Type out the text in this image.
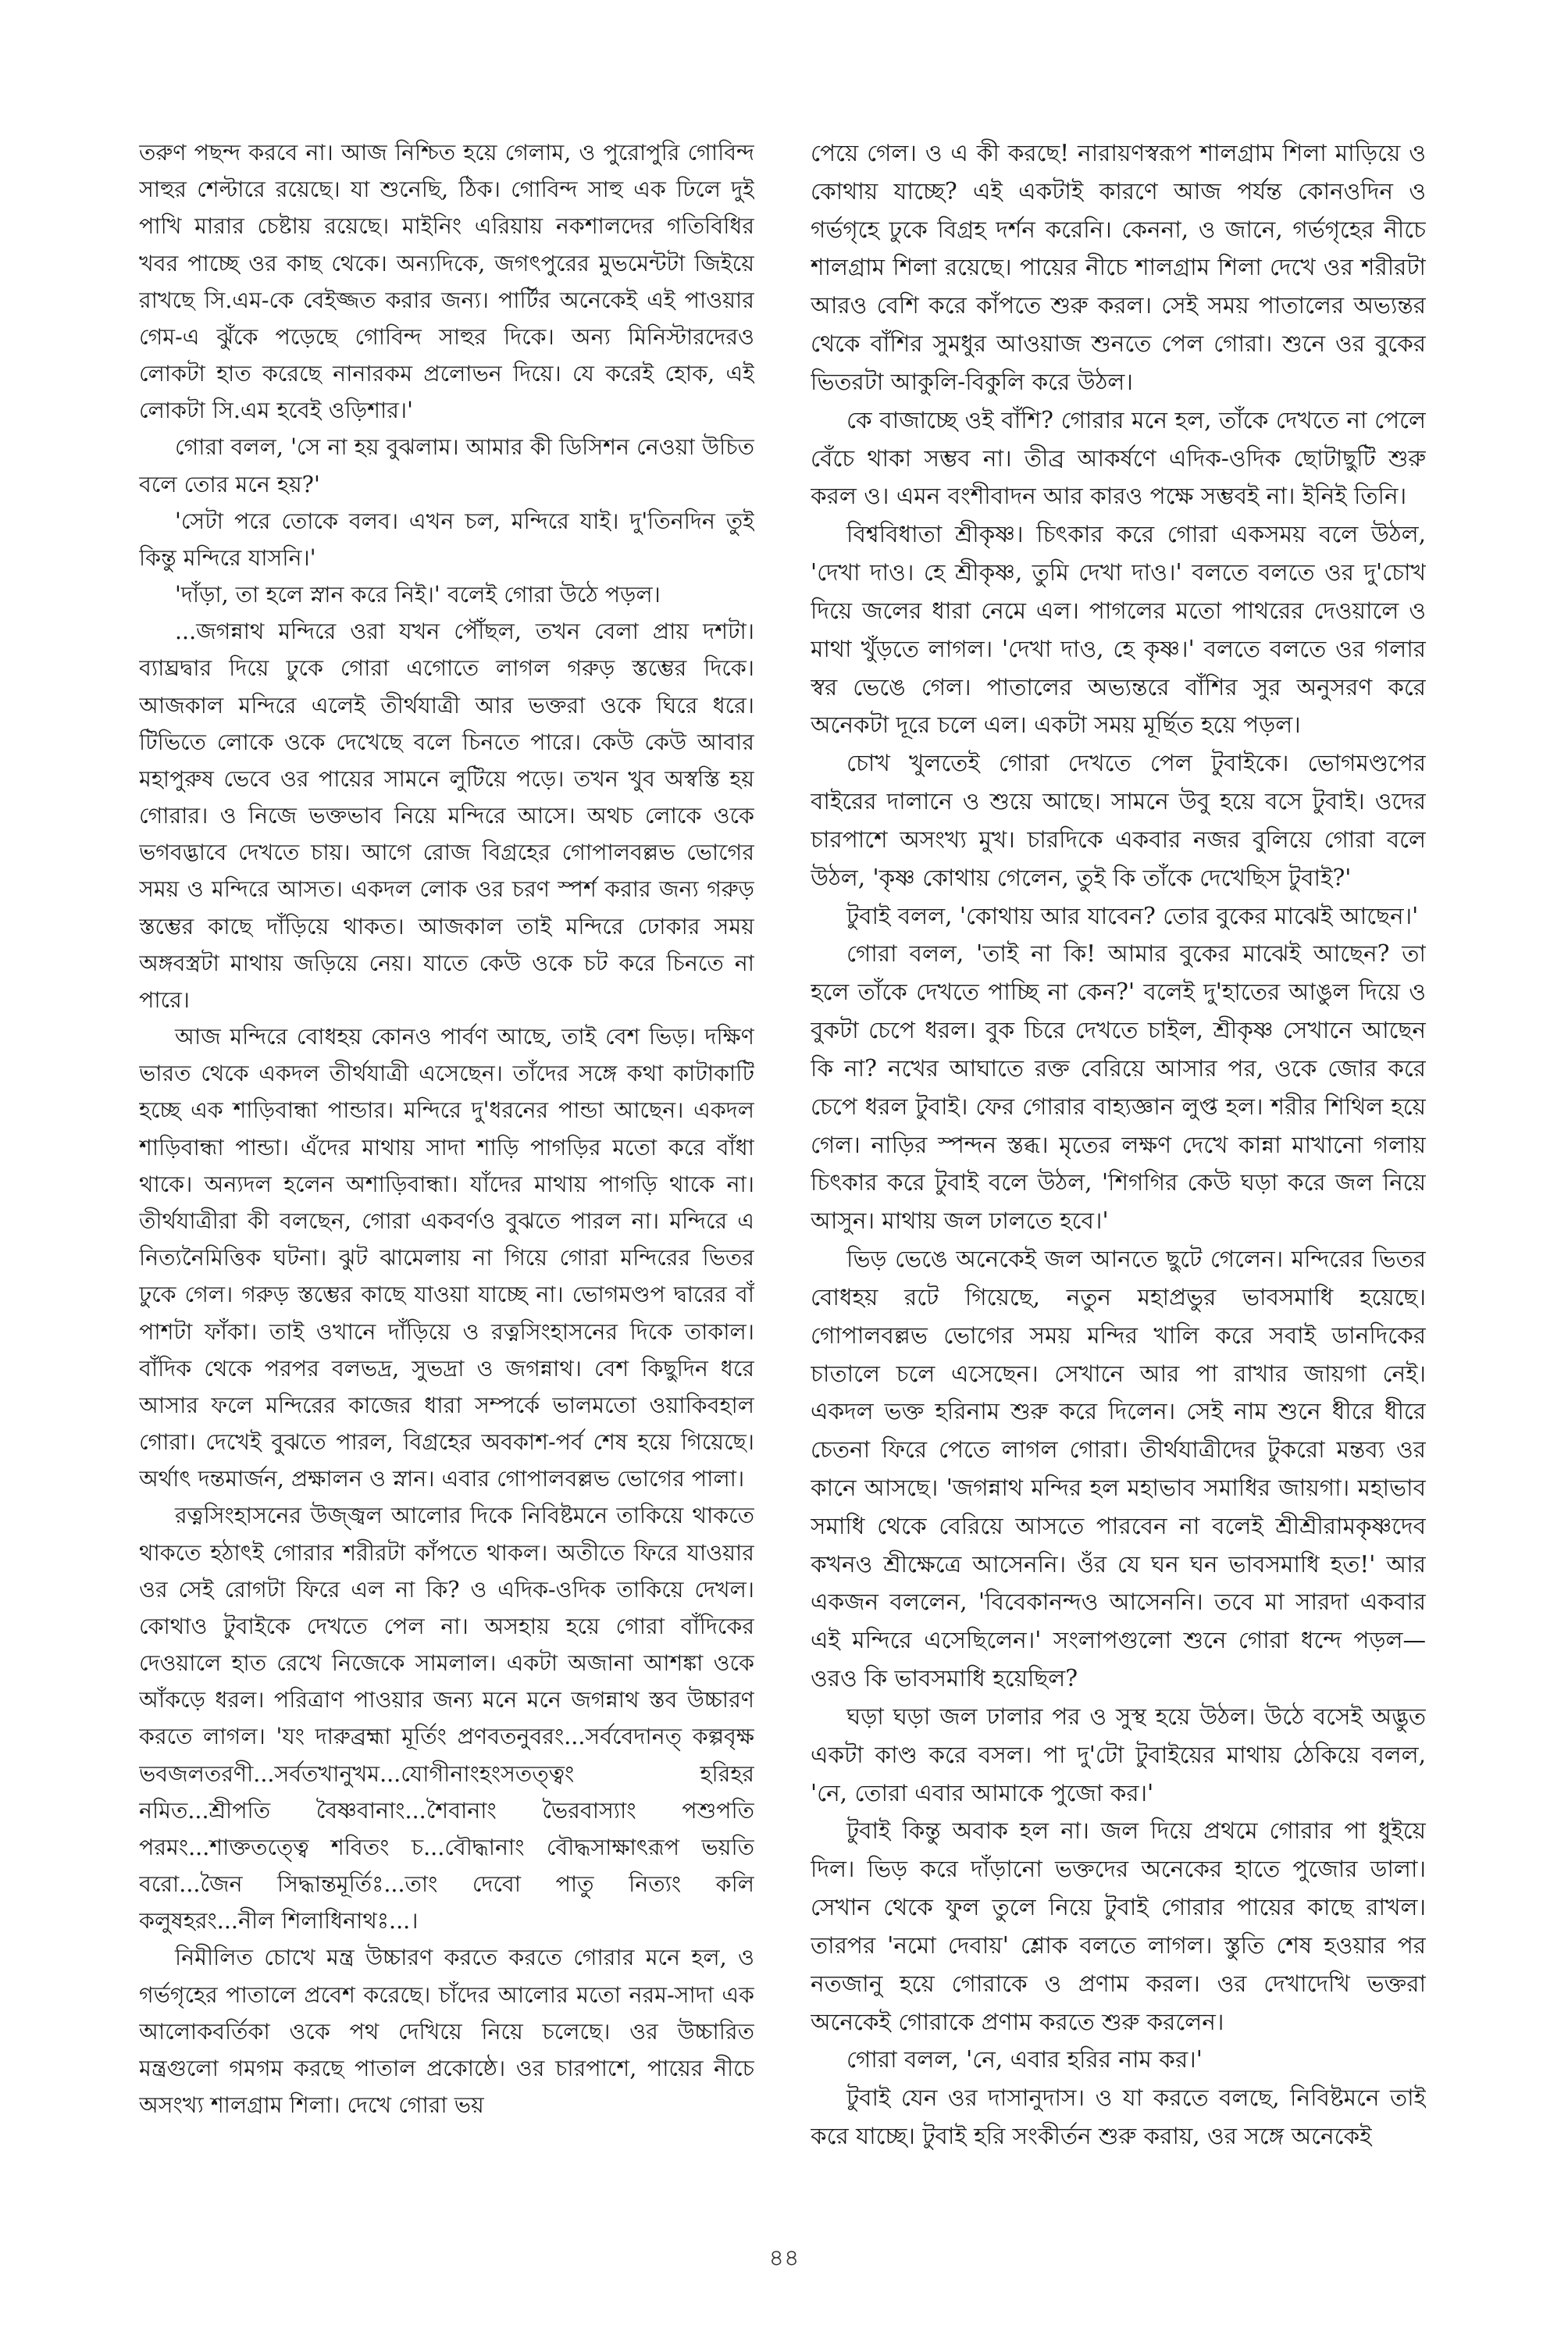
তরুণ পছন্দ করবে না। আজ নিশ্চিত হয়ে গেলাম, ও পুরোপুরি গোবিন্দ সাহুর শেল্টারে রয়েছে। যা শুনেছি, ঠিক। গোবিন্দ সাহু এক ঢিলে দুই পাখি মারার চেষ্টায় রয়েছে। মাইনিং এরিয়ায় নকশালদের গতিবিধির খবর পাচ্ছে ওর কাছ থেকে। অন্যদিকে, জগৎপুরের মুভমেন্টটা জিইয়ে রাখছে সি.এম-কে বেইজ্জত করার জন্য। পার্টির অনেকেই এই পাওয়ার গেম-এ ঝুঁকে পড়েছে গোবিন্দ সাহুর দিকে। অন্য মিনিস্টারদেরও লোকটা হাত করেছে নানারকম প্রলোভন দিয়ে। যে করেই হোক, এই লোকটা সি.এম হবেই ওড়িশার।'

গোরা বলল, 'সে না হয় বুঝলাম। আমার কী ডিসিশন নেওয়া উচিত বলে তোর মনে হয়?'

'সেটা পরে তোকে বলব। এখন চল, মন্দিরে যাই। দু'তিনদিন তুই কিন্তু মন্দিরে যাসনি।'

'দাঁড়া, তা হলে স্নান করে নিই।' বলেই গোরা উঠে পড়ল।

...জগন্নাথ মন্দিরে ওরা যখন পৌঁছল, তখন বেলা প্রায় দশটা। ব্যাঘ্রদ্বার দিয়ে ঢুকে গোরা এগোতে লাগল গরুড় স্তম্ভের দিকে। আজকাল মন্দিরে এলেই তীর্থযাত্রী আর ভক্তরা ওকে ঘিরে ধরে। টিভিতে লোকে ওকে দেখেছে বলে চিনতে পারে। কেউ কেউ আবার মহাপুরুষ ভেবে ওর পায়ের সামনে লুটিয়ে পড়ে। তখন খুব অস্বস্তি হয় গোরার। ও নিজে ভক্তভাব নিয়ে মন্দিরে আসে। অথচ লোকে ওকে ভগবদ্ভাবে দেখতে চায়। আগে রোজ বিগ্রহের গোপালবল্লভ ভোগের সময় ও মন্দিরে আসত। একদল লোক ওর চরণ স্পর্শ করার জন্য গরুড় স্তম্ভের কাছে দাঁড়িয়ে থাকত। আজকাল তাই মন্দিরে ঢোকার সময় অঙ্গবস্ত্রটা মাথায় জড়িয়ে নেয়। যাতে কেউ ওকে চট করে চিনতে না পারে।

আজ মন্দিরে বোধহয় কোনও পার্বণ আছে, তাই বেশ ভিড়। দক্ষিণ ভারত থেকে একদল তীর্থযাত্রী এসেছেন। তাঁদের সঙ্গে কথা কাটাকাটি হচ্ছে এক শাড়িবান্ধা পান্ডার। মন্দিরে দু'ধরনের পান্ডা আছেন। একদল শাড়িবান্ধা পান্ডা। এঁদের মাথায় সাদা শাড়ি পাগড়ির মতো করে বাঁধা থাকে। অন্যদল হলেন অশাড়িবান্ধা। যাঁদের মাথায় পাগড়ি থাকে না। তীর্থযাত্রীরা কী বলছেন, গোরা একবর্ণও বুঝতে পারল না। মন্দিরে এ নিত্যনৈমিত্তিক ঘটনা। ঝুট ঝামেলায় না গিয়ে গোরা মন্দিরের ভিতর ঢুকে গেল। গরুড় স্তম্ভের কাছে যাওয়া যাচ্ছে না। ভোগমণ্ডপ দ্বারের বাঁ পাশটা ফাঁকা। তাই ওখানে দাঁড়িয়ে ও রত্নসিংহাসনের দিকে তাকাল। বাঁদিক থেকে পরপর বলভদ্র, সুভদ্রা ও জগন্নাথ। বেশ কিছুদিন ধরে আসার ফলে মন্দিরের কাজের ধারা সম্পর্কে ভালমতো ওয়াকিবহাল গোরা। দেখেই বুঝতে পারল, বিগ্রহের অবকাশ-পর্ব শেষ হয়ে গিয়েছে। অর্থাৎ দন্তমার্জন, প্রক্ষালন ও স্নান। এবার গোপালবল্লভ ভোগের পালা।

রত্নসিংহাসনের উজ্জ্বল আলোর দিকে নিবিষ্টমনে তাকিয়ে থাকতে থাকতে হঠাৎই গোরার শরীরটা কাঁপতে থাকল। অতীতে ফিরে যাওয়ার ওর সেই রোগটা ফিরে এল না কি? ও এদিক-ওদিক তাকিয়ে দেখল। কোথাও টুবাইকে দেখতে পেল না। অসহায় হয়ে গোরা বাঁদিকের দেওয়ালে হাত রেখে নিজেকে সামলাল। একটা অজানা আশঙ্কা ওকে আঁকড়ে ধরল। পরিত্রাণ পাওয়ার জন্য মনে মনে জগন্নাথ স্তব উচ্চারণ করতে লাগল। 'যং দারুব্রহ্মা মূর্তিং প্রণবতনুবরং...সর্ববেদানত্ কল্পবৃক্ষ ভবজলতরণী...সর্বতখানুখম...যোগীনাংহংসতত্ত্বং হরিহর নমিত...শ্রীপতি বৈষ্ণবানাং...শৈবানাং ভৈরবাস্যাং পশুপতি পরমং...শাক্ততত্ত্বে শবিতং চ...বৌদ্ধানাং বৌদ্ধসাক্ষাৎরূপ ভয়তি বরো...জৈন সিদ্ধান্তমূর্তিঃ...তাং দেবো পাতু নিত্যং কলি কলুষহরং...নীল শিলাধিনাথঃ...।

নিমীলিত চোখে মন্ত্র উচ্চারণ করতে করতে গোরার মনে হল, ও গর্ভগৃহের পাতালে প্রবেশ করেছে। চাঁদের আলোর মতো নরম-সাদা এক আলোকবর্তিকা ওকে পথ দেখিয়ে নিয়ে চলেছে। ওর উচ্চারিত মন্ত্রগুলো গমগম করছে পাতাল প্রকোষ্ঠে। ওর চারপাশে, পায়ের নীচে অসংখ্য শালগ্রাম শিলা। দেখে গোরা ভয়

পেয়ে গেল। ও এ কী করছে! নারায়ণস্বরূপ শালগ্রাম শিলা মাড়িয়ে ও কোথায় যাচ্ছে? এই একটাই কারণে আজ পর্যন্ত কোনওদিন ও গর্ভগৃহে ঢুকে বিগ্রহ দর্শন করেনি। কেননা, ও জানে, গর্ভগৃহের নীচে শালগ্রাম শিলা রয়েছে। পায়ের নীচে শালগ্রাম শিলা দেখে ওর শরীরটা আরও বেশি করে কাঁপতে শুরু করল। সেই সময় পাতালের অভ্যন্তর থেকে বাঁশির সুমধুর আওয়াজ শুনতে পেল গোরা। শুনে ওর বুকের ভিতরটা আকুলি-বিকুলি করে উঠল।

কে বাজাচ্ছে ওই বাঁশি? গোরার মনে হল, তাঁকে দেখতে না পেলে বেঁচে থাকা সম্ভব না। তীব্র আকর্ষণে এদিক-ওদিক ছোটাছুটি শুরু করল ও। এমন বংশীবাদন আর কারও পক্ষে সম্ভবই না। ইনিই তিনি।

বিশ্ববিধাতা শ্রীকৃষ্ণ। চিৎকার করে গোরা একসময় বলে উঠল, 'দেখা দাও। হে শ্রীকৃষ্ণ, তুমি দেখা দাও।' বলতে বলতে ওর দু'চোখ দিয়ে জলের ধারা নেমে এল। পাগলের মতো পাথরের দেওয়ালে ও মাথা খুঁড়তে লাগল। 'দেখা দাও, হে কৃষ্ণ।' বলতে বলতে ওর গলার স্বর ভেঙে গেল। পাতালের অভ্যন্তরে বাঁশির সুর অনুসরণ করে অনেকটা দূরে চলে এল। একটা সময় মূর্ছিত হয়ে পড়ল।

চোখ খুলতেই গোরা দেখতে পেল টুবাইকে। ভোগমণ্ডপের বাইরের দালানে ও শুয়ে আছে। সামনে উবু হয়ে বসে টুবাই। ওদের চারপাশে অসংখ্য মুখ। চারদিকে একবার নজর বুলিয়ে গোরা বলে উঠল, 'কৃষ্ণ কোথায় গেলেন, তুই কি তাঁকে দেখেছিস টুবাই?'

টুবাই বলল, 'কোথায় আর যাবেন? তোর বুকের মাঝেই আছেন।'

গোরা বলল, 'তাই না কি! আমার বুকের মাঝেই আছেন? তা হলে তাঁকে দেখতে পাচ্ছি না কেন?' বলেই দু'হাতের আঙুল দিয়ে ও বুকটা চেপে ধরল। বুক চিরে দেখতে চাইল, শ্রীকৃষ্ণ সেখানে আছেন কি না? নখের আঘাতে রক্ত বেরিয়ে আসার পর, ওকে জোর করে চেপে ধরল টুবাই। ফের গোরার বাহ্যজ্ঞান লুপ্ত হল। শরীর শিথিল হয়ে গেল। নাড়ির স্পন্দন স্তব্ধ। মৃতের লক্ষণ দেখে কান্না মাখানো গলায় চিৎকার করে টুবাই বলে উঠল, 'শিগগির কেউ ঘড়া করে জল নিয়ে আসুন। মাথায় জল ঢালতে হবে।'

ভিড় ভেঙে অনেকেই জল আনতে ছুটে গেলেন। মন্দিরের ভিতর বোধহয় রটে গিয়েছে, নতুন মহাপ্রভুর ভাবসমাধি হয়েছে। গোপালবল্লভ ভোগের সময় মন্দির খালি করে সবাই ডানদিকের চাতালে চলে এসেছেন। সেখানে আর পা রাখার জায়গা নেই। একদল ভক্ত হরিনাম শুরু করে দিলেন। সেই নাম শুনে ধীরে ধীরে চেতনা ফিরে পেতে লাগল গোরা। তীর্থযাত্রীদের টুকরো মন্তব্য ওর কানে আসছে। 'জগন্নাথ মন্দির হল মহাভাব সমাধির জায়গা। মহাভাব সমাধি থেকে বেরিয়ে আসতে পারবেন না বলেই শ্রীশ্রীরামকৃষ্ণদেব কখনও শ্রীক্ষেত্রে আসেননি। ওঁর যে ঘন ঘন ভাবসমাধি হত!' আর একজন বললেন, 'বিবেকানন্দও আসেননি। তবে মা সারদা একবার এই মন্দিরে এসেছিলেন।' সংলাপগুলো শুনে গোরা ধন্দে পড়ল—ওরও কি ভাবসমাধি হয়েছিল?

ঘড়া ঘড়া জল ঢালার পর ও সুস্থ হয়ে উঠল। উঠে বসেই অদ্ভুত একটা কাণ্ড করে বসল। পা দু'টো টুবাইয়ের মাথায় ঠেকিয়ে বলল, 'নে, তোরা এবার আমাকে পুজো কর।'

টুবাই কিন্তু অবাক হল না। জল দিয়ে প্রথমে গোরার পা ধুইয়ে দিল। ভিড় করে দাঁড়ানো ভক্তদের অনেকের হাতে পুজোর ডালা। সেখান থেকে ফুল তুলে নিয়ে টুবাই গোরার পায়ের কাছে রাখল। তারপর 'নমো দেবায়' শ্লোক বলতে লাগল। স্তুতি শেষ হওয়ার পর নতজানু হয়ে গোরাকে ও প্রণাম করল। ওর দেখাদেখি ভক্তরা অনেকেই গোরাকে প্রণাম করতে শুরু করলেন।

গোরা বলল, 'নে, এবার হরির নাম কর।'

টুবাই যেন ওর দাসানুদাস। ও যা করতে বলছে, নিবিষ্টমনে তাই করে যাচ্ছে। টুবাই হরি সংকীর্তন শুরু করায়, ওর সঙ্গে অনেকেই

৪৪
